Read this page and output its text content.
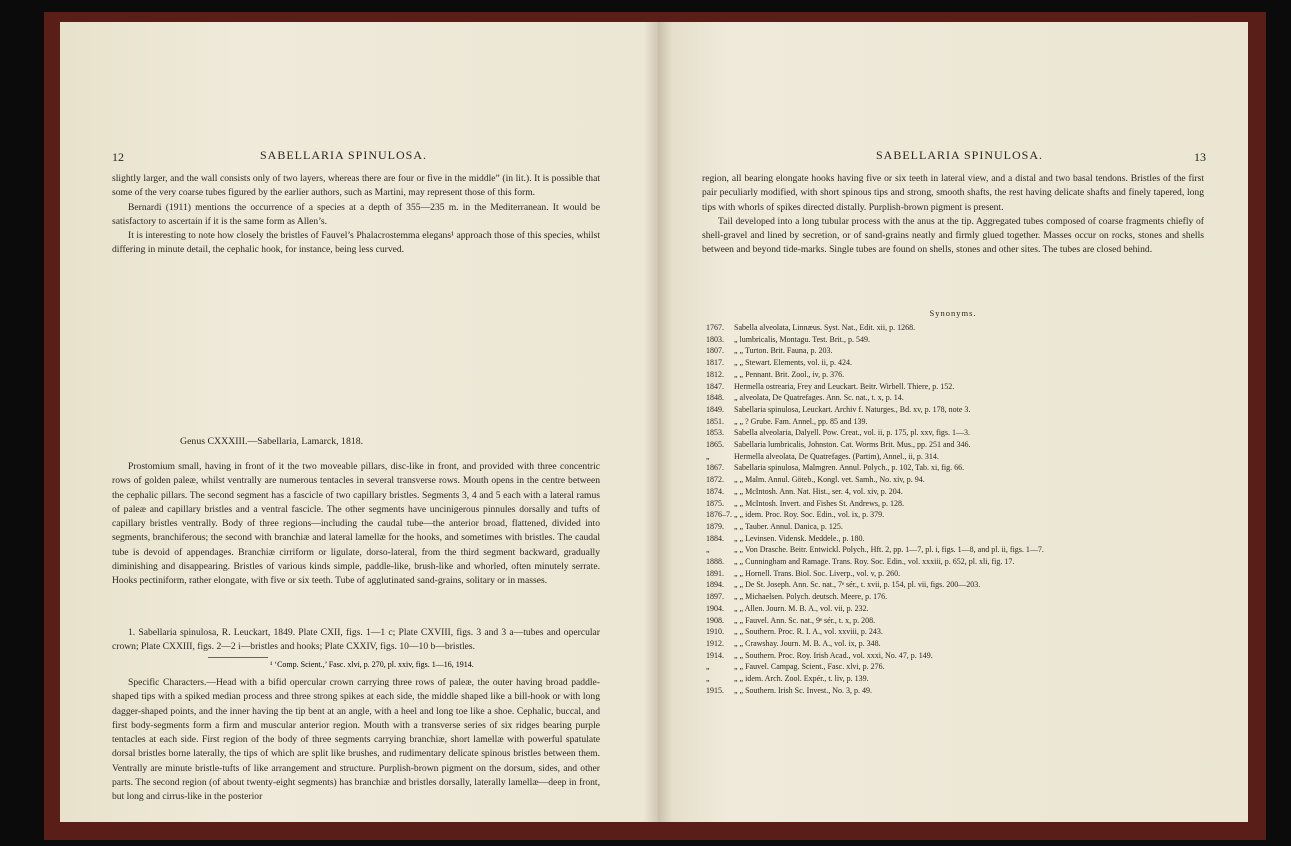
12	SABELLARIA SPINULOSA.

slightly larger, and the wall consists only of two layers, whereas there are four or five in the middle” (in lit.). It is possible that some of the very coarse tubes figured by the earlier authors, such as Martini, may represent those of this form.

Bernardi (1911) mentions the occurrence of a species at a depth of 355—235 m. in the Mediterranean. It would be satisfactory to ascertain if it is the same form as Allen’s.

It is interesting to note how closely the bristles of Fauvel’s Phalacrostemma elegans¹ approach those of this species, whilst differing in minute detail, the cephalic hook, for instance, being less curved.

Genus CXXXIII.—Sabellaria, Lamarck, 1818.

Prostomium small, having in front of it the two moveable pillars, disc-like in front, and provided with three concentric rows of golden paleæ, whilst ventrally are numerous tentacles in several transverse rows. Mouth opens in the centre between the cephalic pillars. The second segment has a fascicle of two capillary bristles. Segments 3, 4 and 5 each with a lateral ramus of paleæ and capillary bristles and a ventral fascicle. The other segments have uncinigerous pinnules dorsally and tufts of capillary bristles ventrally. Body of three regions—including the caudal tube—the anterior broad, flattened, divided into segments, branchiferous; the second with branchiæ and lateral lamellæ for the hooks, and sometimes with bristles. The caudal tube is devoid of appendages. Branchiæ cirriform or ligulate, dorso-lateral, from the third segment backward, gradually diminishing and disappearing. Bristles of various kinds simple, paddle-like, brush-like and whorled, often minutely serrate. Hooks pectiniform, rather elongate, with five or six teeth. Tube of agglutinated sand-grains, solitary or in masses.

1. Sabellaria spinulosa, R. Leuckart, 1849. Plate CXII, figs. 1—1 c; Plate CXVIII, figs. 3 and 3 a—tubes and opercular crown; Plate CXXIII, figs. 2—2 i—bristles and hooks; Plate CXXIV, figs. 10—10 b—bristles.

Specific Characters.—Head with a bifid opercular crown carrying three rows of paleæ, the outer having broad paddle-shaped tips with a spiked median process and three strong spikes at each side, the middle shaped like a bill-hook or with long dagger-shaped points, and the inner having the tip bent at an angle, with a heel and long toe like a shoe. Cephalic, buccal, and first body-segments form a firm and muscular anterior region. Mouth with a transverse series of six ridges bearing purple tentacles at each side. First region of the body of three segments carrying branchiæ, short lamellæ with powerful spatulate dorsal bristles borne laterally, the tips of which are split like brushes, and rudimentary delicate spinous bristles between them. Ventrally are minute bristle-tufts of like arrangement and structure. Purplish-brown pigment on the dorsum, sides, and other parts. The second region (of about twenty-eight segments) has branchiæ and bristles dorsally, laterally lamellæ—deep in front, but long and cirrus-like in the posterior

SABELLARIA SPINULOSA.	13

region, all bearing elongate hooks having five or six teeth in lateral view, and a distal and two basal tendons. Bristles of the first pair peculiarly modified, with short spinous tips and strong, smooth shafts, the rest having delicate shafts and finely tapered, long tips with whorls of spikes directed distally. Purplish-brown pigment is present.

Tail developed into a long tubular process with the anus at the tip. Aggregated tubes composed of coarse fragments chiefly of shell-gravel and lined by secretion, or of sand-grains neatly and firmly glued together. Masses occur on rocks, stones and shells between and beyond tide-marks. Single tubes are found on shells, stones and other sites. The tubes are closed behind.

Synonyms.
1767.	Sabella alveolata, Linnæus. Syst. Nat., Edit. xii, p. 1268.
1803.	„ lumbricalis, Montagu. Test. Brit., p. 549.
1807.	„ „ Turton. Brit. Fauna, p. 203.
1817.	„ „ Stewart. Elements, vol. ii, p. 424.
1812.	„ „ Pennant. Brit. Zool., iv, p. 376.
1847.	Hermella ostrearia, Frey and Leuckart. Beitr. Wirbell. Thiere, p. 152.
1848.	„ alveolata, De Quatrefages. Ann. Sc. nat., t. x, p. 14.
1849.	Sabellaria spinulosa, Leuckart. Archiv f. Naturges., Bd. xv, p. 178, note 3.
1851.	„ „ ? Grube. Fam. Annel., pp. 85 and 139.
1853.	Sabella alveolaria, Dalyell. Pow. Creat., vol. ii, p. 175, pl. xxv, figs. 1—3.
1865.	Sabellaria lumbricalis, Johnston. Cat. Worms Brit. Mus., pp. 251 and 346.
„	Hermella alveolata, De Quatrefages. (Partim), Annel., ii, p. 314.
1867.	Sabellaria spinulosa, Malmgren. Annul. Polych., p. 102, Tab. xi, fig. 66.
1872.	„ „ Malm. Annul. Göteb., Kongl. vet. Samh., No. xiv, p. 94.
1874.	„ „ McIntosh. Ann. Nat. Hist., ser. 4, vol. xiv, p. 204.
1875.	„ „ McIntosh. Invert. and Fishes St. Andrews, p. 128.
1876–7. „ „ idem. Proc. Roy. Soc. Edin., vol. ix, p. 379.
1879.	„ „ Tauber. Annul. Danica, p. 125.
1884.	„ „ Levinsen. Vidensk. Meddele., p. 180.
„	„ „ Von Drasche. Beitr. Entwickl. Polych., Hft. 2, pp. 1—7, pl. i, figs. 1—8, and pl. ii, figs. 1—7.
1888.	„ „ Cunningham and Ramage. Trans. Roy. Soc. Edin., vol. xxxiii, p. 652, pl. xli, fig. 17.
1891.	„ „ Hornell. Trans. Biol. Soc. Liverp., vol. v, p. 260.
1894.	„ „ De St. Joseph. Ann. Sc. nat., 7ᵉ sér., t. xvii, p. 154, pl. vii, figs. 200—203.
1897.	„ „ Michaelsen. Polych. deutsch. Meere, p. 176.
1904.	„ „ Allen. Journ. M. B. A., vol. vii, p. 232.
1908.	„ „ Fauvel. Ann. Sc. nat., 9ᵉ sér., t. x, p. 208.
1910.	„ „ Southern. Proc. R. I. A., vol. xxviii, p. 243.
1912.	„ „ Crawshay. Journ. M. B. A., vol. ix, p. 348.
1914.	„ „ Southern. Proc. Roy. Irish Acad., vol. xxxi, No. 47, p. 149.
„	„ „ Fauvel. Campag. Scient., Fasc. xlvi, p. 276.
„	„ „ idem. Arch. Zool. Expér., t. liv, p. 139.
1915.	„ „ Southern. Irish Sc. Invest., No. 3, p. 49.
¹ ‘Comp. Scient.,’ Fasc. xlvi, p. 270, pl. xxiv, figs. 1—16, 1914.
